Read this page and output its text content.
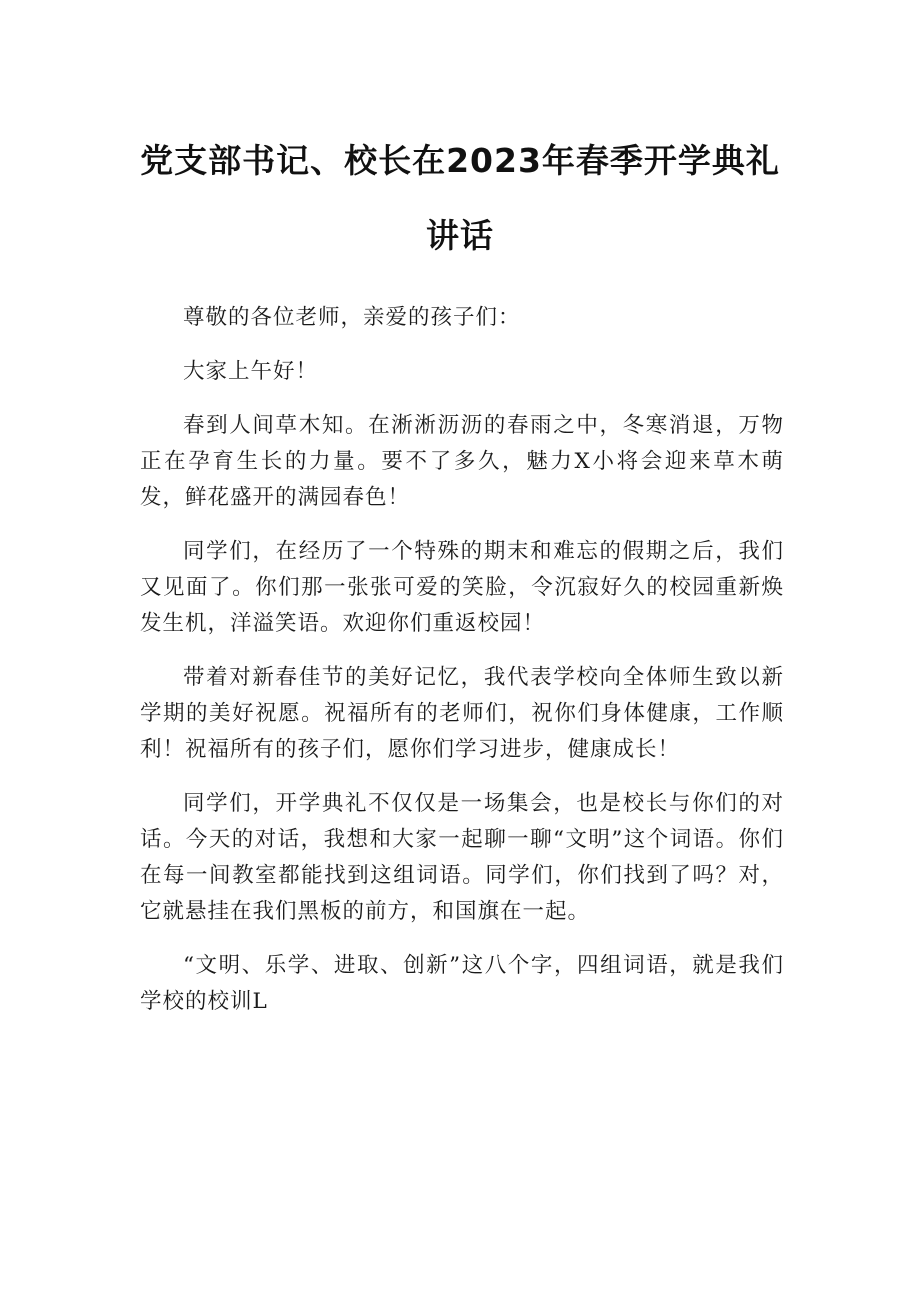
党支部书记、校长在2023年春季开学典礼
讲话

尊敬的各位老师，亲爱的孩子们：

大家上午好！

春到人间草木知。在淅淅沥沥的春雨之中，冬寒消退，万物正在孕育生长的力量。要不了多久，魅力X小将会迎来草木萌发，鲜花盛开的满园春色！

同学们，在经历了一个特殊的期末和难忘的假期之后，我们又见面了。你们那一张张可爱的笑脸，令沉寂好久的校园重新焕发生机，洋溢笑语。欢迎你们重返校园！

带着对新春佳节的美好记忆，我代表学校向全体师生致以新学期的美好祝愿。祝福所有的老师们，祝你们身体健康，工作顺利！祝福所有的孩子们，愿你们学习进步，健康成长！

同学们，开学典礼不仅仅是一场集会，也是校长与你们的对话。今天的对话，我想和大家一起聊一聊“文明”这个词语。你们在每一间教室都能找到这组词语。同学们，你们找到了吗？对，它就悬挂在我们黑板的前方，和国旗在一起。

“文明、乐学、进取、创新”这八个字，四组词语，就是我们学校的校训L
